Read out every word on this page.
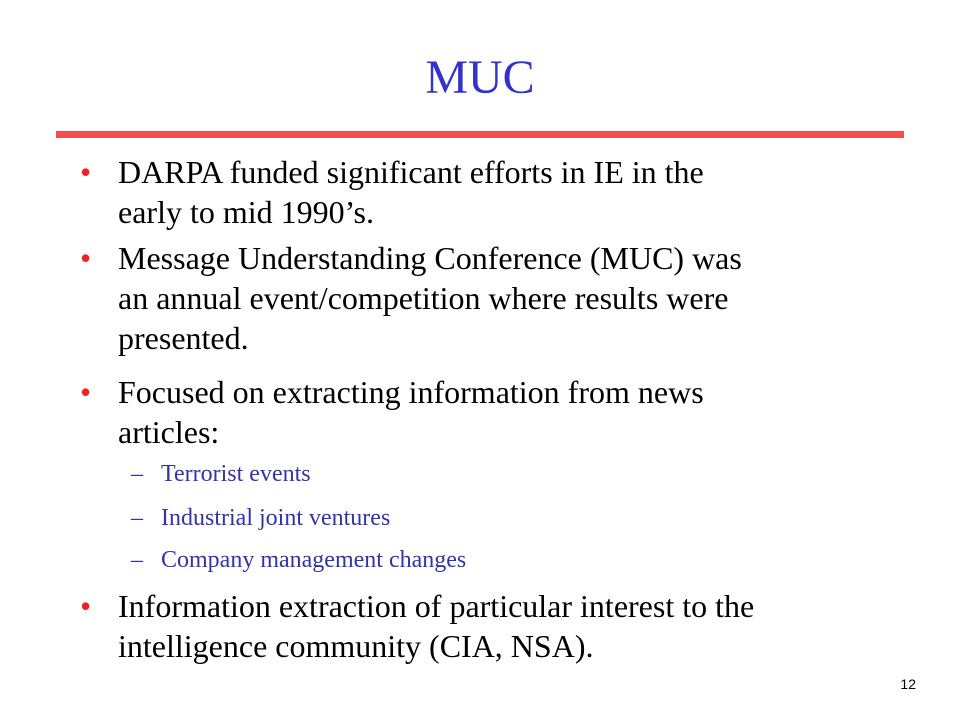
MUC
• DARPA funded significant efforts in IE in the
early to mid 1990’s.
• Message Understanding Conference (MUC) was
an annual event/competition where results were
presented.
• Focused on extracting information from news
articles:
– Terrorist events
– Industrial joint ventures
– Company management changes
• Information extraction of particular interest to the
intelligence community (CIA, NSA).
12
